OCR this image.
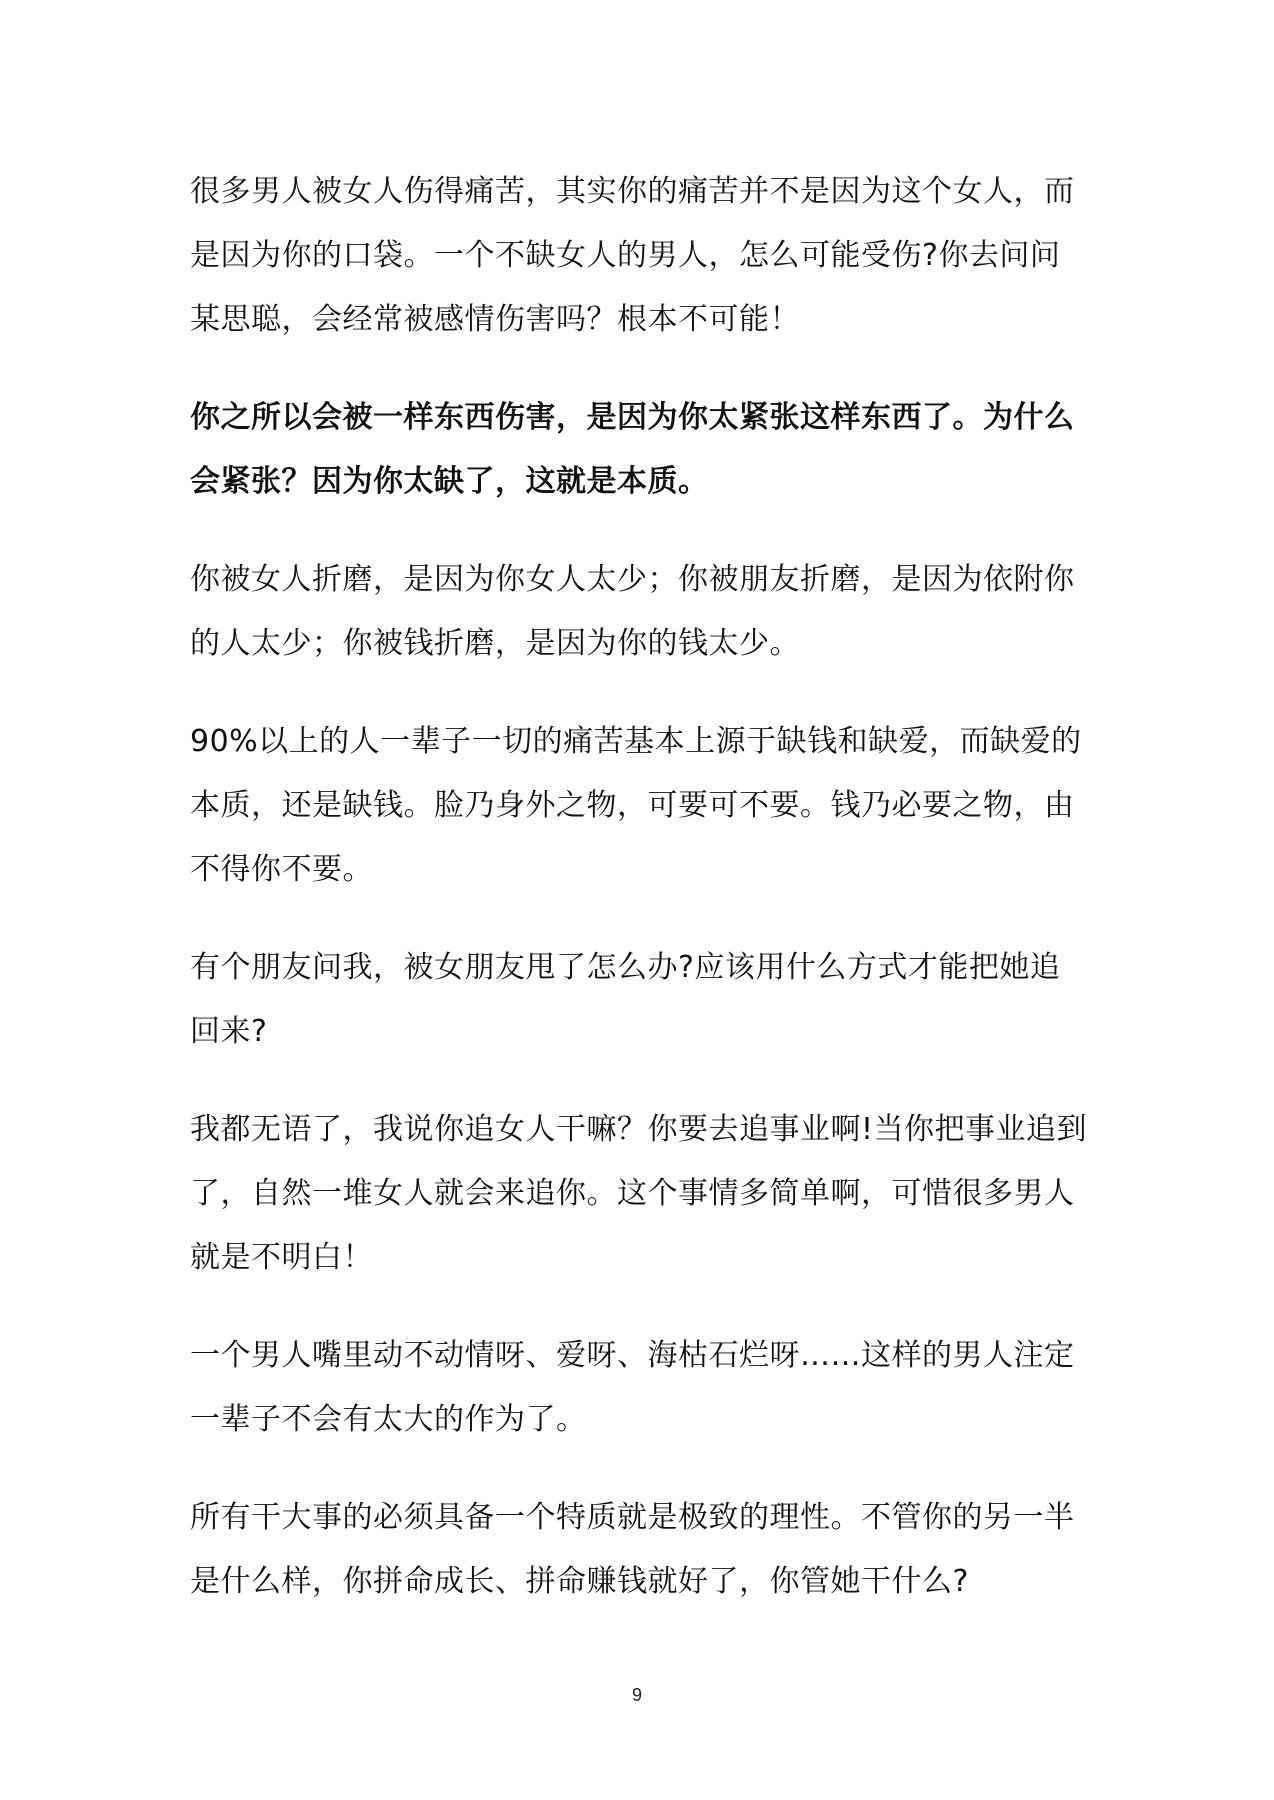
很多男人被女人伤得痛苦，其实你的痛苦并不是因为这个女人，而是因为你的口袋。一个不缺女人的男人，怎么可能受伤?你去问问某思聪，会经常被感情伤害吗？根本不可能！

你之所以会被一样东西伤害，是因为你太紧张这样东西了。为什么会紧张？因为你太缺了，这就是本质。

你被女人折磨，是因为你女人太少；你被朋友折磨，是因为依附你的人太少；你被钱折磨，是因为你的钱太少。

90%以上的人一辈子一切的痛苦基本上源于缺钱和缺爱，而缺爱的本质，还是缺钱。脸乃身外之物，可要可不要。钱乃必要之物，由不得你不要。

有个朋友问我，被女朋友甩了怎么办?应该用什么方式才能把她追回来?

我都无语了，我说你追女人干嘛？你要去追事业啊!当你把事业追到了，自然一堆女人就会来追你。这个事情多简单啊，可惜很多男人就是不明白！

一个男人嘴里动不动情呀、爱呀、海枯石烂呀……这样的男人注定一辈子不会有太大的作为了。

所有干大事的必须具备一个特质就是极致的理性。不管你的另一半是什么样，你拼命成长、拼命赚钱就好了，你管她干什么?

9
